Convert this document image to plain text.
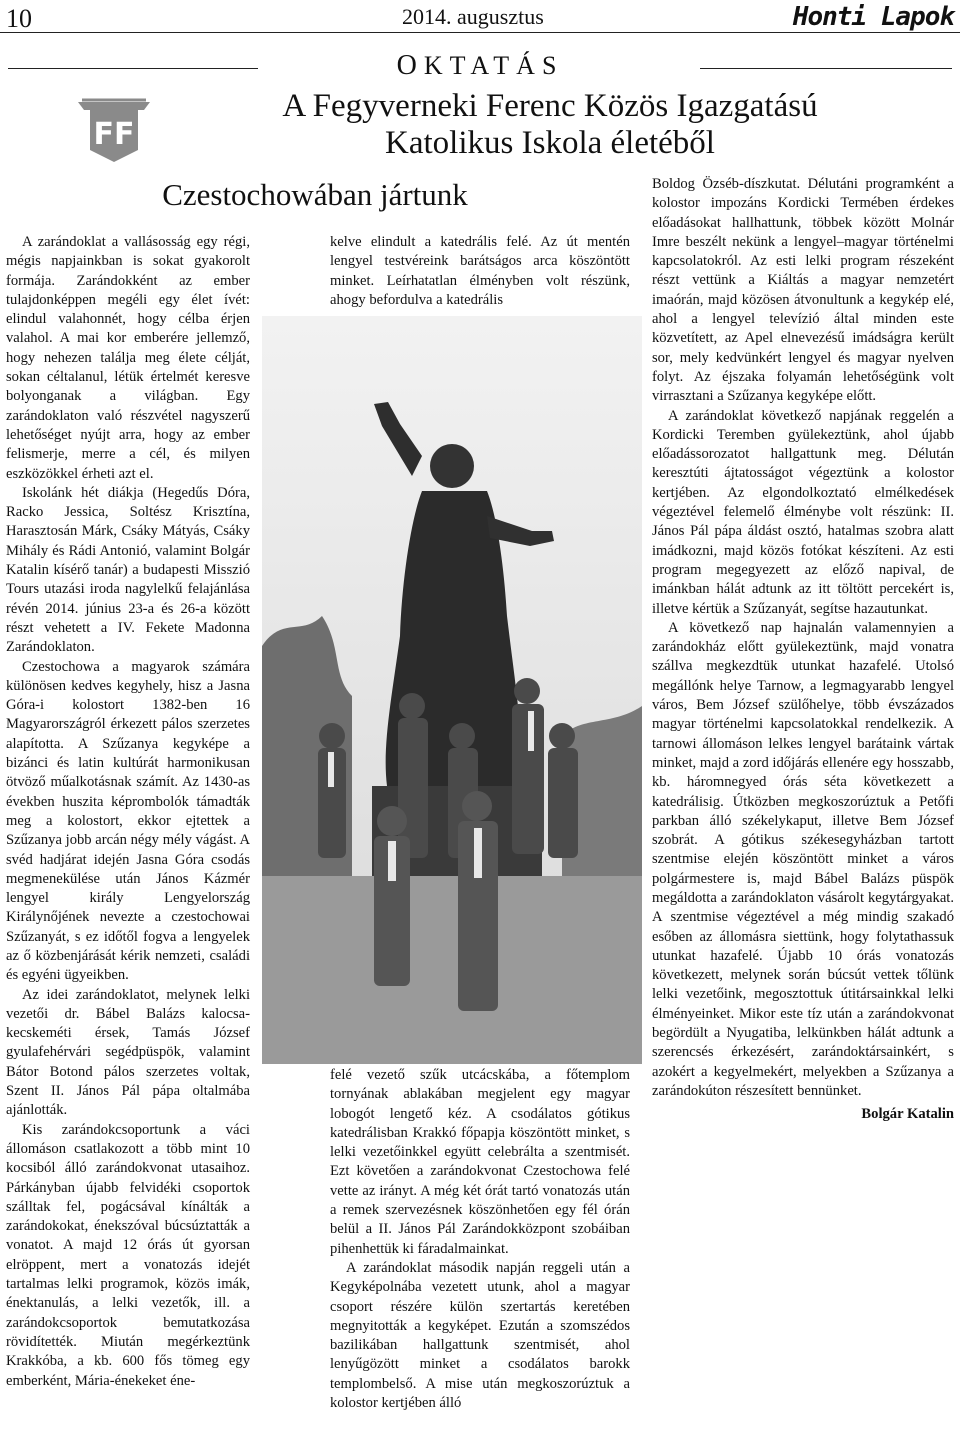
10	2014. augusztus	Honti Lapok
OKTATÁS
FF
A Fegyverneki Ferenc Közös Igazgatású
Katolikus Iskola életéből
Czestochowában jártunk

A zarándoklat a vallásosság egy régi, mégis napjainkban is sokat gyakorolt formája. Zarándokként az ember tulajdonképpen megéli egy élet ívét: elindul valahonnét, hogy célba érjen valahol. A mai kor emberére jellemző, hogy nehezen találja meg élete célját, sokan céltalanul, létük értelmét keresve bolyonganak a világban. Egy zarándoklaton való részvétel nagyszerű lehetőséget nyújt arra, hogy az ember felismerje, merre a cél, és milyen eszközökkel érheti azt el.

Iskolánk hét diákja (Hegedűs Dóra, Racko Jessica, Soltész Krisztína, Harasztosán Márk, Csáky Mátyás, Csáky Mihály és Rádi Antonió, valamint Bolgár Katalin kísérő tanár) a budapesti Misszió Tours utazási iroda nagylelkű felajánlása révén 2014. június 23-a és 26-a között részt vehetett a IV. Fekete Madonna Zarándoklaton.

Czestochowa a magyarok számára különösen kedves kegyhely, hisz a Jasna Góra-i kolostort 1382-ben 16 Magyarországról érkezett pálos szerzetes alapította. A Szűzanya kegyképe a bizánci és latin kultúrát harmonikusan ötvöző műalkotásnak számít. Az 1430-as években huszita képrombolók támadták meg a kolostort, ekkor ejtettek a Szűzanya jobb arcán négy mély vágást. A svéd hadjárat idején Jasna Góra csodás megmenekülése után János Kázmér lengyel király Lengyelország Királynőjének nevezte a czestochowai Szűzanyát, s ez időtől fogva a lengyelek az ő közbenjárását kérik nemzeti, családi és egyéni ügyeikben.

Az idei zarándoklatot, melynek lelki vezetői dr. Bábel Balázs kalocsa-kecskeméti érsek, Tamás József gyulafehérvári segédpüspök, valamint Bátor Botond pálos szerzetes voltak, Szent II. János Pál pápa oltalmába ajánlották.

Kis zarándokcsoportunk a váci állomáson csatlakozott a több mint 10 kocsiból álló zarándokvonat utasaihoz. Párkányban újabb felvidéki csoportok szálltak fel, pogácsával kínálták a zarándokokat, énekszóval búcsúztatták a vonatot. A majd 12 órás út gyorsan elröppent, mert a vonatozás idejét tartalmas lelki programok, közös imák, énektanulás, a lelki vezetők, ill. a zarándokcsoportok bemutatkozása rövidítették. Miután megérkeztünk Krakkóba, a kb. 600 fős tömeg egy emberként, Mária-énekeket éne-

kelve elindult a katedrális felé. Az út mentén lengyel testvéreink barátságos arca köszöntött minket. Leírhatatlan élményben volt részünk, ahogy befordulva a katedrális

felé vezető szűk utcácskába, a főtemplom tornyának ablakában megjelent egy magyar lobogót lengető kéz. A csodálatos gótikus katedrálisban Krakkó főpapja köszöntött minket, s lelki vezetőinkkel együtt celebrálta a szentmisét. Ezt követően a zarándokvonat Czestochowa felé vette az irányt. A még két órát tartó vonatozás után a remek szervezésnek köszönhetően egy fél órán belül a II. János Pál Zarándokközpont szobáiban pihenhettük ki fáradalmainkat.

A zarándoklat második napján reggeli után a Kegyképolnába vezetett utunk, ahol a magyar csoport részére külön szertartás keretében megnyitották a kegyképet. Ezután a szomszédos bazilikában hallgattunk szentmisét, ahol lenyűgözött minket a csodálatos barokk templombelső. A mise után megkoszorúztuk a kolostor kertjében álló

Boldog Özséb-díszkutat. Délutáni programként a kolostor impozáns Kordicki Termében érdekes előadásokat hallhattunk, többek között Molnár Imre beszélt nekünk a lengyel–magyar történelmi kapcsolatokról. Az esti lelki program részeként részt vettünk a Kiáltás a magyar nemzetért imaórán, majd közösen átvonultunk a kegykép elé, ahol a lengyel televízió által minden este közvetített, az Apel elnevezésű imádságra került sor, mely kedvünkért lengyel és magyar nyelven folyt. Az éjszaka folyamán lehetőségünk volt virrasztani a Szűzanya kegyképe előtt.

A zarándoklat következő napjának reggelén a Kordicki Teremben gyülekeztünk, ahol újabb előadássorozatot hallgattunk meg. Délután keresztúti ájtatosságot végeztünk a kolostor kertjében. Az elgondolkoztató elmélkedések végeztével felemelő élménybe volt részünk: II. János Pál pápa áldást osztó, hatalmas szobra alatt imádkozni, majd közös fotókat készíteni. Az esti program megegyezett az előző napival, de imánkban hálát adtunk az itt töltött percekért is, illetve kértük a Szűzanyát, segítse hazautunkat.

A következő nap hajnalán valamennyien a zarándokház előtt gyülekeztünk, majd vonatra szállva megkezdtük utunkat hazafelé. Utolsó megállónk helye Tarnow, a legmagyarabb lengyel város, Bem József szülőhelye, több évszázados magyar történelmi kapcsolatokkal rendelkezik. A tarnowi állomáson lelkes lengyel barátaink vártak minket, majd a zord időjárás ellenére egy hosszabb, kb. háromnegyed órás séta következett a katedrálisig. Útközben megkoszorúztuk a Petőfi parkban álló székelykaput, illetve Bem József szobrát. A gótikus székesegyházban tartott szentmise elején köszöntött minket a város polgármestere is, majd Bábel Balázs püspök megáldotta a zarándoklaton vásárolt kegytárgyakat. A szentmise végeztével a még mindig szakadó esőben az állomásra siettünk, hogy folytathassuk utunkat hazafelé. Újabb 10 órás vonatozás következett, melynek során búcsút vettek tőlünk lelki vezetőink, megosztottuk útitársainkkal lelki élményeinket. Mikor este tíz után a zarándokvonat begördült a Nyugatiba, lelkünkben hálát adtunk a szerencsés érkezésért, zarándoktársainkért, s azokért a kegyelmekért, melyekben a Szűzanya a zarándokúton részesített bennünket.

Bolgár Katalin
